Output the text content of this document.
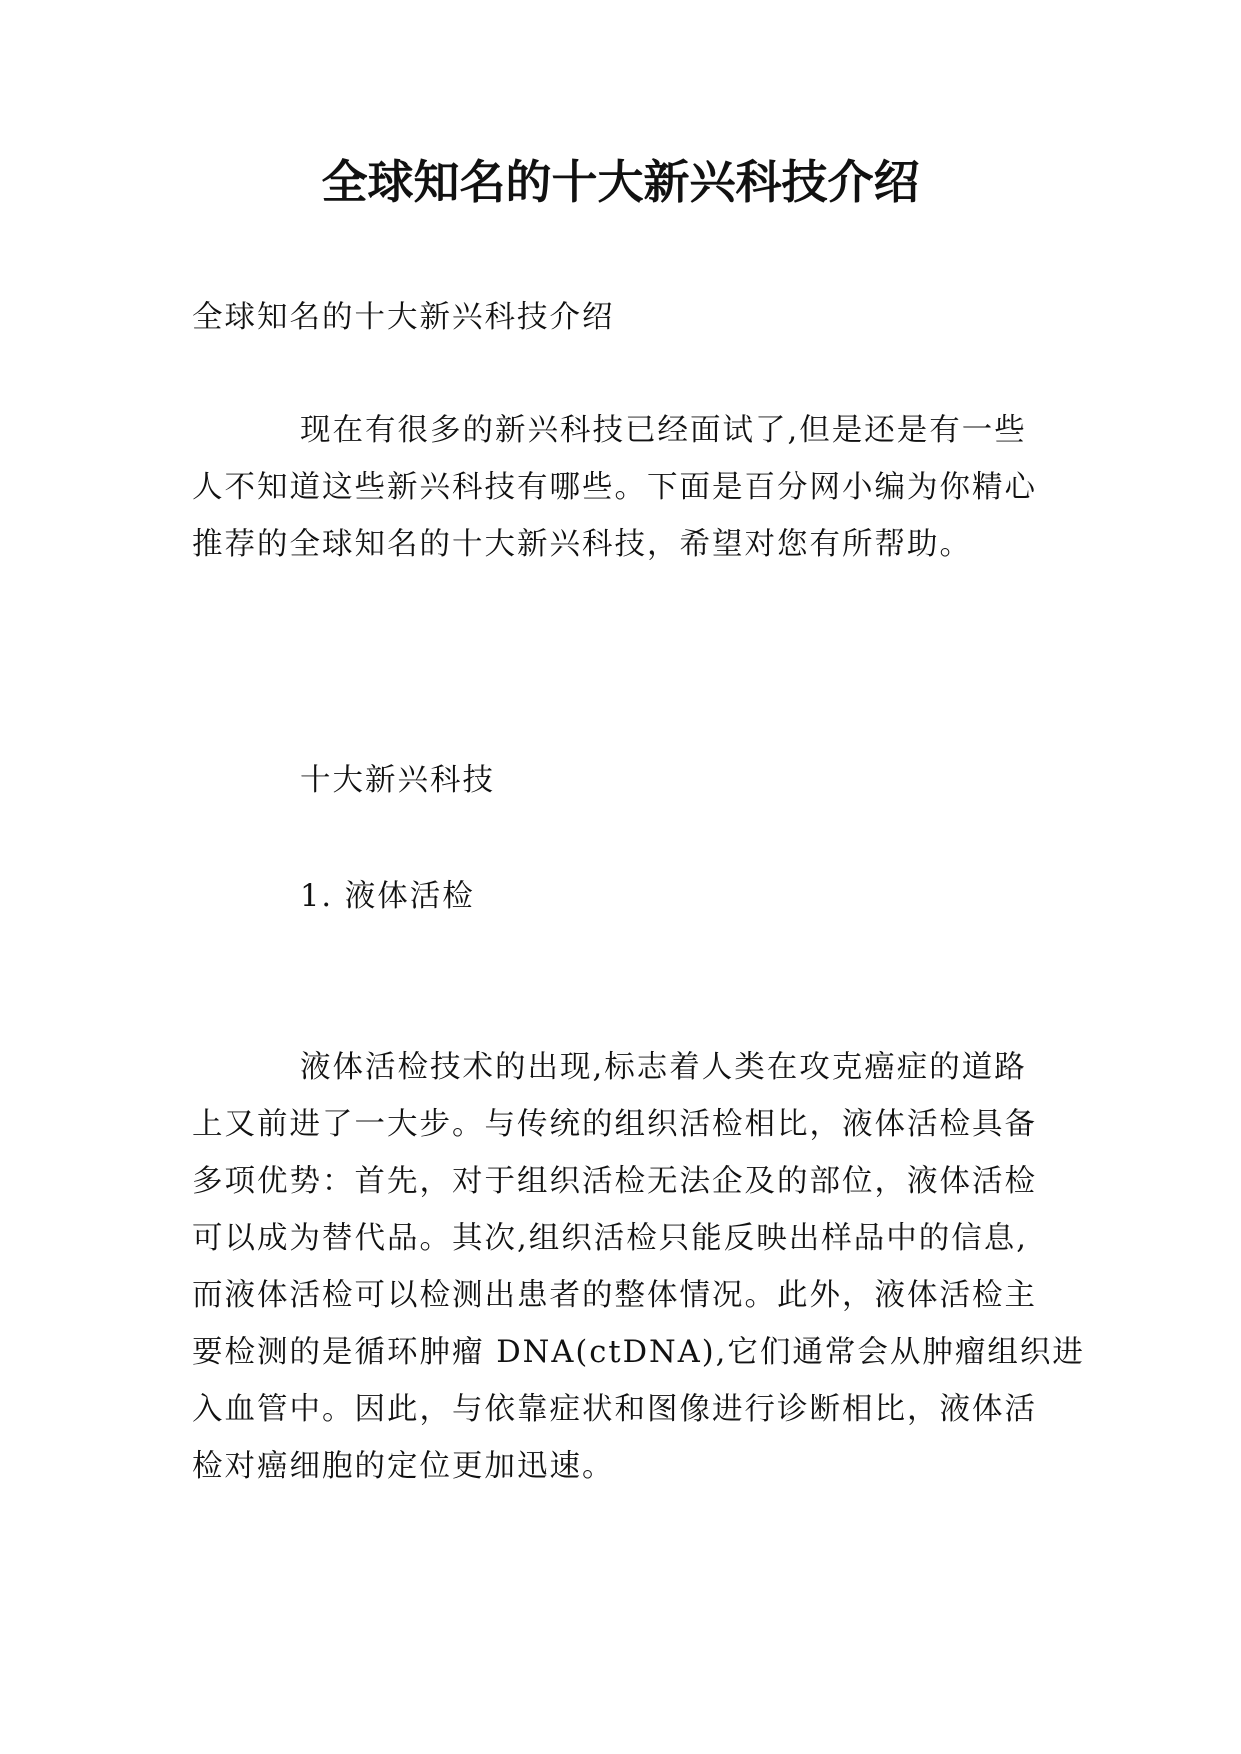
全球知名的十大新兴科技介绍
全球知名的十大新兴科技介绍
现在有很多的新兴科技已经面试了,但是还是有一些
人不知道这些新兴科技有哪些。下面是百分网小编为你精心
推荐的全球知名的十大新兴科技，希望对您有所帮助。
十大新兴科技
1. 液体活检
液体活检技术的出现,标志着人类在攻克癌症的道路
上又前进了一大步。与传统的组织活检相比，液体活检具备
多项优势：首先，对于组织活检无法企及的部位，液体活检
可以成为替代品。其次,组织活检只能反映出样品中的信息,
而液体活检可以检测出患者的整体情况。此外，液体活检主
要检测的是循环肿瘤 DNA(ctDNA),它们通常会从肿瘤组织进
入血管中。因此，与依靠症状和图像进行诊断相比，液体活
检对癌细胞的定位更加迅速。
